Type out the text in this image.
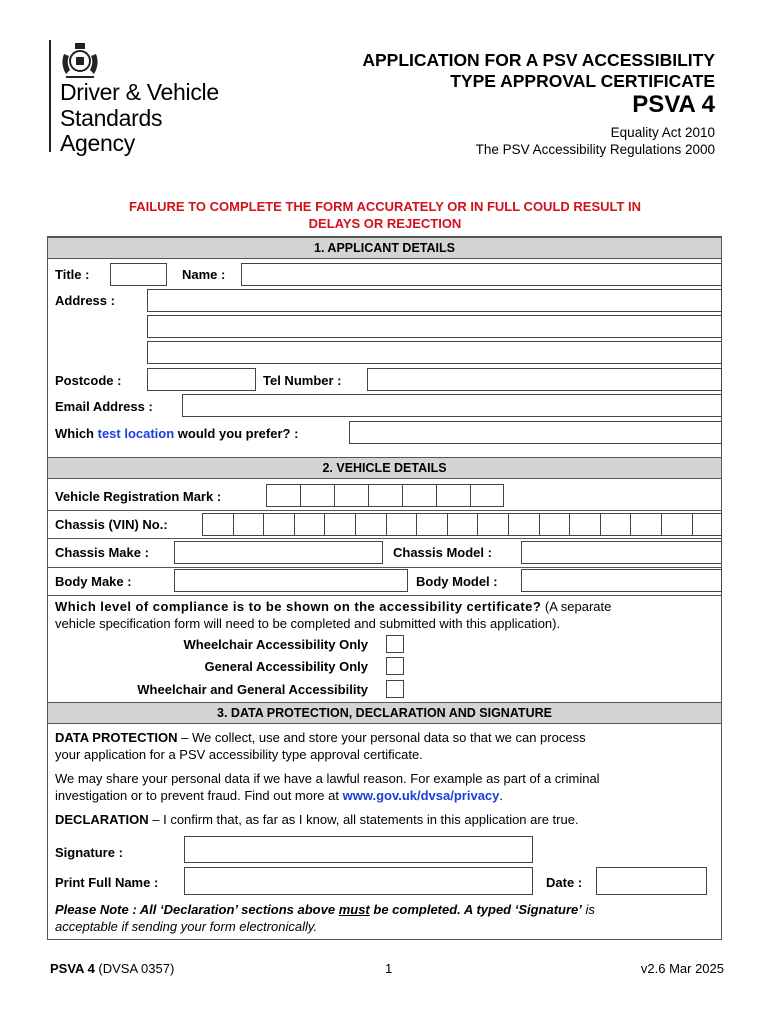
Driver & Vehicle
Standards
Agency
APPLICATION FOR A PSV ACCESSIBILITY
TYPE APPROVAL CERTIFICATE
PSVA 4
Equality Act 2010
The PSV Accessibility Regulations 2000
FAILURE TO COMPLETE THE FORM ACCURATELY OR IN FULL COULD RESULT IN
DELAYS OR REJECTION
1. APPLICANT DETAILS
Title :	Name :
Address :
Postcode :	Tel Number :
Email Address :
Which test location would you prefer? :
2. VEHICLE DETAILS
Vehicle Registration Mark :
Chassis (VIN) No.:
Chassis Make :	Chassis Model :
Body Make :	Body Model :
Which level of compliance is to be shown on the accessibility certificate? (A separate
vehicle specification form will need to be completed and submitted with this application).
Wheelchair Accessibility Only
General Accessibility Only
Wheelchair and General Accessibility
3. DATA PROTECTION, DECLARATION AND SIGNATURE
DATA PROTECTION – We collect, use and store your personal data so that we can process
your application for a PSV accessibility type approval certificate.
We may share your personal data if we have a lawful reason. For example as part of a criminal
investigation or to prevent fraud. Find out more at www.gov.uk/dvsa/privacy.
DECLARATION – I confirm that, as far as I know, all statements in this application are true.
Signature :
Print Full Name :	Date :
Please Note : All ‘Declaration’ sections above must be completed. A typed ‘Signature’ is
acceptable if sending your form electronically.
PSVA 4 (DVSA 0357)	1	v2.6 Mar 2025
